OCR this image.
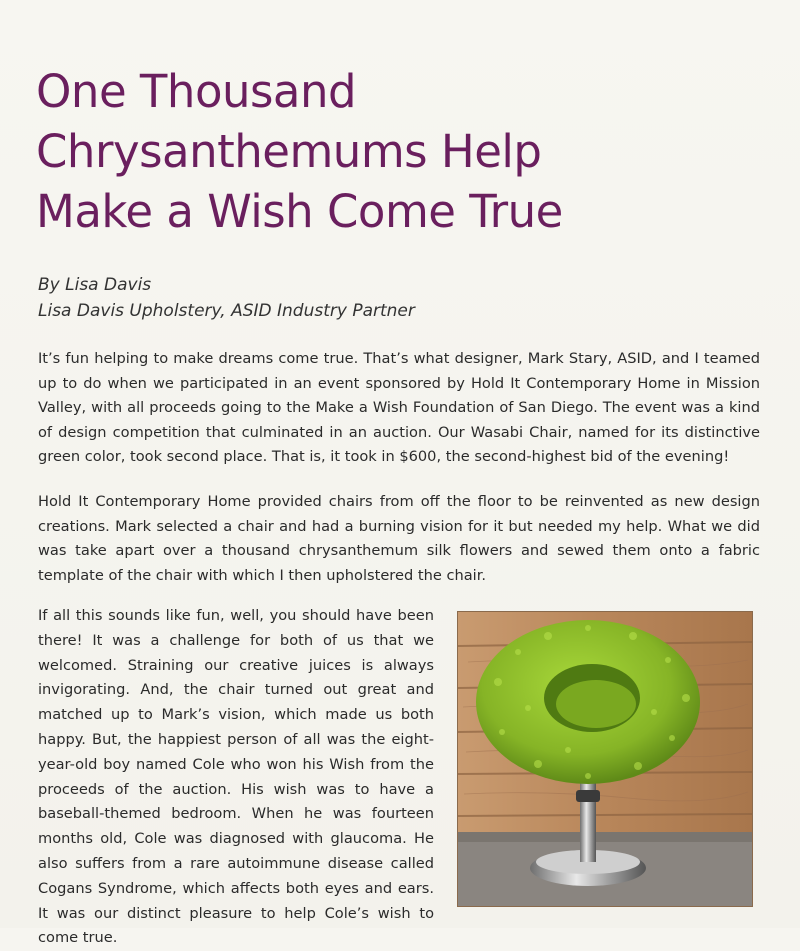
One Thousand
Chrysanthemums Help
Make a Wish Come True
By Lisa Davis
Lisa Davis Upholstery, ASID Industry Partner

It’s fun helping to make dreams come true. That’s what designer, Mark Stary, ASID, and I teamed up to do when we participated in an event sponsored by Hold It Contemporary Home in Mission Valley, with all proceeds going to the Make a Wish Foundation of San Diego. The event was a kind of design competition that culminated in an auction. Our Wasabi Chair, named for its distinctive green color, took second place. That is, it took in $600, the second-highest bid of the evening!

Hold It Contemporary Home provided chairs from off the floor to be reinvented as new design creations. Mark selected a chair and had a burning vision for it but needed my help. What we did was take apart over a thousand chrysanthemum silk flowers and sewed them onto a fabric template of the chair with which I then upholstered the chair.

If all this sounds like fun, well, you should have been there! It was a challenge for both of us that we welcomed. Straining our creative juices is always invigorating. And, the chair turned out great and matched up to Mark’s vision, which made us both happy. But, the happiest person of all was the eight-year-old boy named Cole who won his Wish from the proceeds of the auction. His wish was to have a baseball-themed bedroom. When he was fourteen months old, Cole was diagnosed with glaucoma. He also suffers from a rare autoimmune disease called Cogans Syndrome, which affects both eyes and ears. It was our distinct pleasure to help Cole’s wish to come true.
